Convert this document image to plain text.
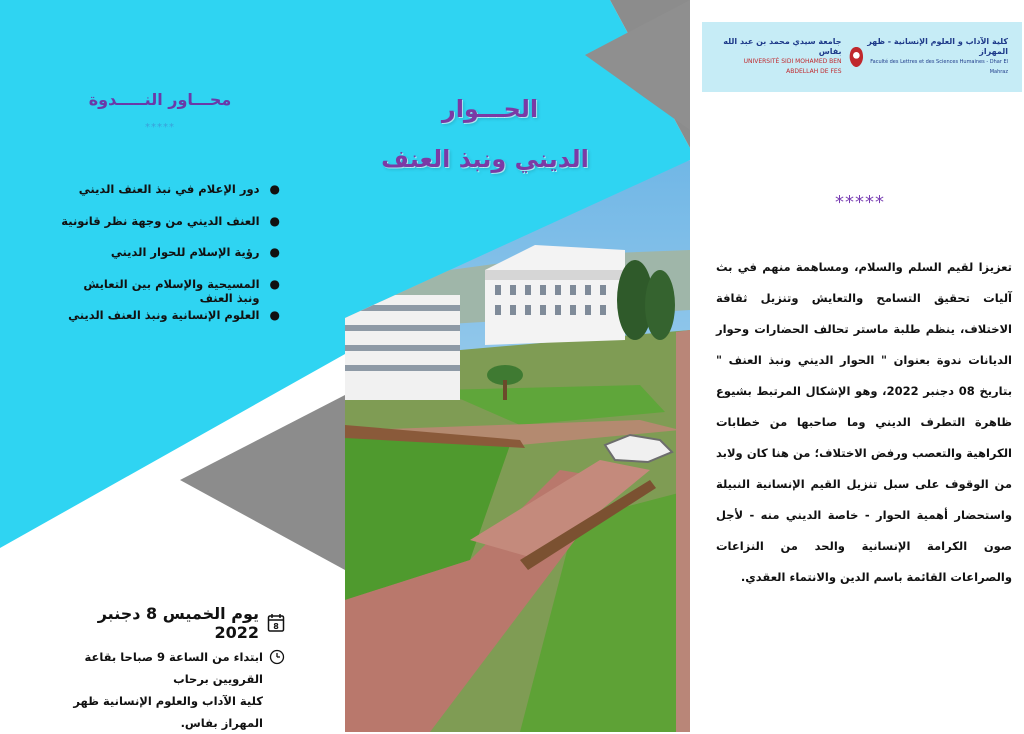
جامعة سيدي محمد بن عبد الله بفاس
UNIVERSITÉ SIDI MOHAMED BEN ABDELLAH DE FES
كلية الآداب و العلوم الإنسانية - ظهر المهراز
Faculté des Lettres et des Sciences Humaines - Dhar El Mahraz
*****
تعزيزا لقيم السلم والسلام، ومساهمة منهم في بث آليات تحقيق التسامح والتعايش وتنزيل ثقافة الاختلاف، ينظم طلبة ماستر تحالف الحضارات وحوار الديانات ندوة بعنوان " الحوار الديني ونبذ العنف " بتاريخ 08 دجنبر 2022، وهو الإشكال المرتبط بشيوع ظاهرة التطرف الديني وما صاحبها من خطابات الكراهية والتعصب ورفض الاختلاف؛ من هنا كان ولابد من الوقوف على سبل تنزيل القيم الإنسانية النبيلة واستحضار أهمية الحوار - خاصة الديني منه - لأجل صون الكرامة الإنسانية والحد من النزاعات والصراعات القائمة باسم الدين والانتماء العقدي.
الحـــوار
الديني ونبذ العنف
محـــاور النـــــدوة
*****
●
دور الإعلام في نبذ العنف الديني
●
العنف الديني من وجهة نظر قانونية
●
رؤية الإسلام للحوار الديني
●
المسيحية والإسلام بين التعايش ونبذ العنف
●
العلوم الإنسانية ونبذ العنف الديني
8
يوم الخميس 8 دجنبر 2022
ابتداء من الساعة 9 صباحا بقاعة القرويين برحاب
كلية الآداب والعلوم الإنسانية ظهر المهراز بفاس.
